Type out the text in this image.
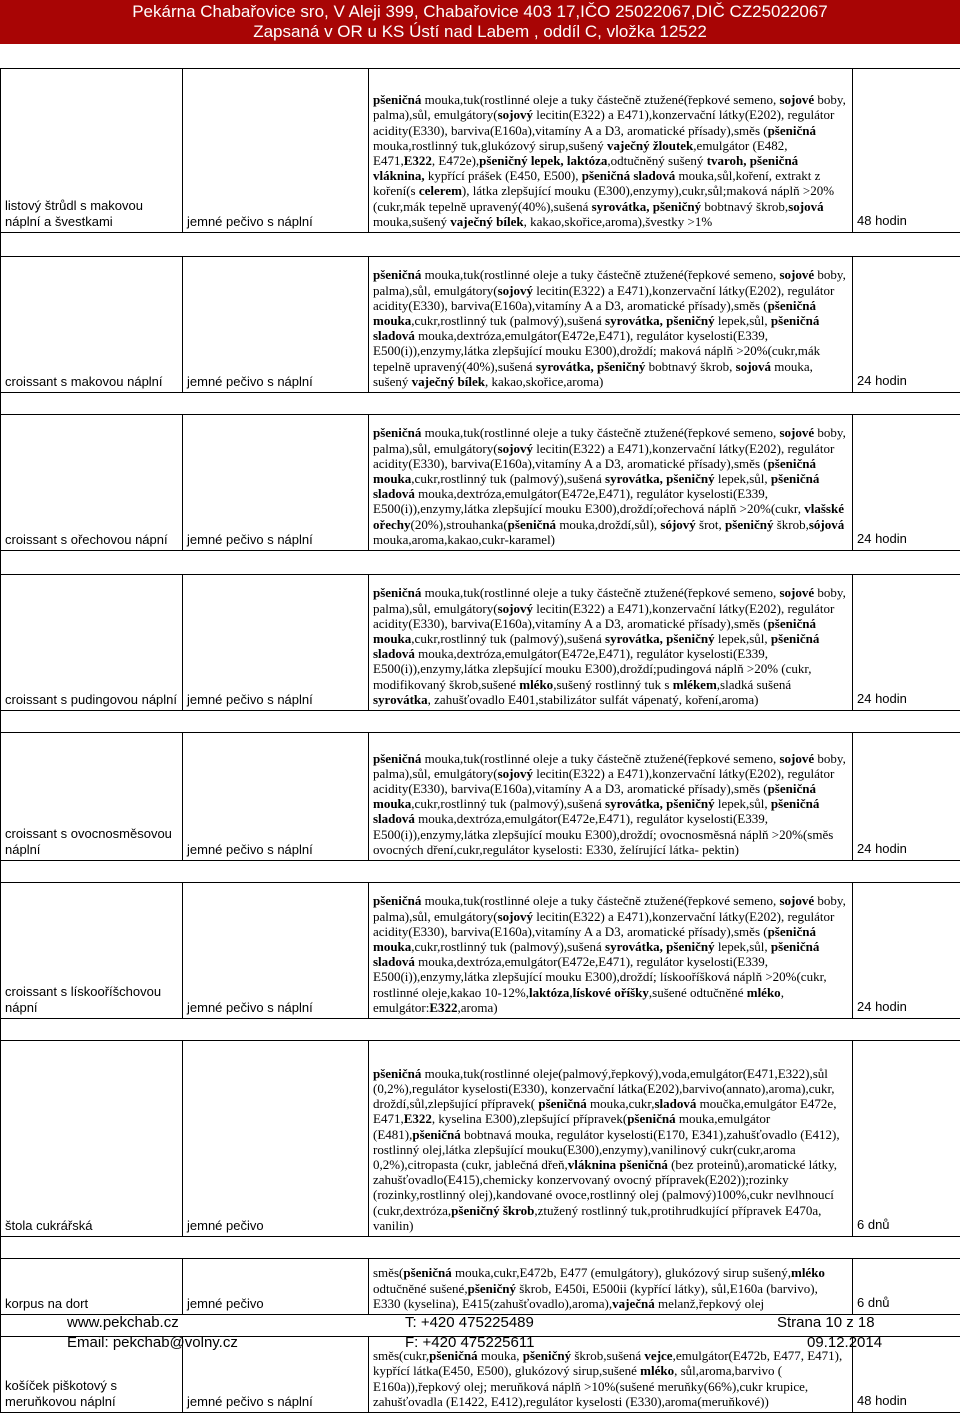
Pekárna Chabařovice sro, V Aleji 399, Chabařovice 403 17,IČO 25022067,DIČ CZ25022067
Zapsaná v OR u KS Ústí nad Labem , oddíl C, vložka 12522
listový štrůdl s makovou náplní a švestkami	jemné pečivo s náplní	pšeničná mouka,tuk(rostlinné oleje a tuky částečně ztužené(řepkové semeno, sojové boby, palma),sůl, emulgátory(sojový lecitin(E322) a E471),konzervační látky(E202), regulátor acidity(E330), barviva(E160a),vitamíny A a D3, aromatické přísady),směs (pšeničná mouka,rostlinný tuk,glukózový sirup,sušený vaječný žloutek,emulgátor (E482, E471,E322, E472e),pšeničný lepek, laktóza,odtučněný sušený tvaroh, pšeničná vláknina, kypřící prášek (E450, E500), pšeničná sladová mouka,sůl,koření, extrakt z koření(s celerem), látka zlepšující mouku (E300),enzymy),cukr,sůl;maková náplň >20%(cukr,mák tepelně upravený(40%),sušená syrovátka, pšeničný bobtnavý škrob,sojová mouka,sušený vaječný bílek, kakao,skořice,aroma),švestky >1%	48 hodin

croissant s makovou náplní	jemné pečivo s náplní	pšeničná mouka,tuk(rostlinné oleje a tuky částečně ztužené(řepkové semeno, sojové boby, palma),sůl, emulgátory(sojový lecitin(E322) a E471),konzervační látky(E202), regulátor acidity(E330), barviva(E160a),vitamíny A a D3, aromatické přísady),směs (pšeničná mouka,cukr,rostlinný tuk (palmový),sušená syrovátka, pšeničný lepek,sůl, pšeničná sladová mouka,dextróza,emulgátor(E472e,E471), regulátor kyselosti(E339, E500(i)),enzymy,látka zlepšující mouku E300),droždí; maková náplň >20%(cukr,mák tepelně upravený(40%),sušená syrovátka, pšeničný bobtnavý škrob, sojová mouka, sušený vaječný bílek, kakao,skořice,aroma)	24 hodin

croissant s ořechovou nápní	jemné pečivo s náplní	pšeničná mouka,tuk(rostlinné oleje a tuky částečně ztužené(řepkové semeno, sojové boby, palma),sůl, emulgátory(sojový lecitin(E322) a E471),konzervační látky(E202), regulátor acidity(E330), barviva(E160a),vitamíny A a D3, aromatické přísady),směs (pšeničná mouka,cukr,rostlinný tuk (palmový),sušená syrovátka, pšeničný lepek,sůl, pšeničná sladová mouka,dextróza,emulgátor(E472e,E471), regulátor kyselosti(E339, E500(i)),enzymy,látka zlepšující mouku E300),droždí;ořechová náplň >20%(cukr, vlašské ořechy(20%),strouhanka(pšeničná mouka,droždí,sůl), sójový šrot, pšeničný škrob,sójová mouka,aroma,kakao,cukr-karamel)	24 hodin

croissant s pudingovou náplní	jemné pečivo s náplní	pšeničná mouka,tuk(rostlinné oleje a tuky částečně ztužené(řepkové semeno, sojové boby, palma),sůl, emulgátory(sojový lecitin(E322) a E471),konzervační látky(E202), regulátor acidity(E330), barviva(E160a),vitamíny A a D3, aromatické přísady),směs (pšeničná mouka,cukr,rostlinný tuk (palmový),sušená syrovátka, pšeničný lepek,sůl, pšeničná sladová mouka,dextróza,emulgátor(E472e,E471), regulátor kyselosti(E339, E500(i)),enzymy,látka zlepšující mouku E300),droždí;pudingová náplň >20% (cukr, modifikovaný škrob,sušené mléko,sušený rostlinný tuk s mlékem,sladká sušená syrovátka, zahušťovadlo E401,stabilizátor sulfát vápenatý, koření,aroma)	24 hodin

croissant s ovocnosměsovou náplní	jemné pečivo s náplní	pšeničná mouka,tuk(rostlinné oleje a tuky částečně ztužené(řepkové semeno, sojové boby, palma),sůl, emulgátory(sojový lecitin(E322) a E471),konzervační látky(E202), regulátor acidity(E330), barviva(E160a),vitamíny A a D3, aromatické přísady),směs (pšeničná mouka,cukr,rostlinný tuk (palmový),sušená syrovátka, pšeničný lepek,sůl, pšeničná sladová mouka,dextróza,emulgátor(E472e,E471), regulátor kyselosti(E339, E500(i)),enzymy,látka zlepšující mouku E300),droždí; ovocnosměsná náplň >20%(směs ovocných dření,cukr,regulátor kyselosti: E330, želírující látka- pektin)	24 hodin

croissant s lískooříšchovou nápní	jemné pečivo s náplní	pšeničná mouka,tuk(rostlinné oleje a tuky částečně ztužené(řepkové semeno, sojové boby, palma),sůl, emulgátory(sojový lecitin(E322) a E471),konzervační látky(E202), regulátor acidity(E330), barviva(E160a),vitamíny A a D3, aromatické přísady),směs (pšeničná mouka,cukr,rostlinný tuk (palmový),sušená syrovátka, pšeničný lepek,sůl, pšeničná sladová mouka,dextróza,emulgátor(E472e,E471), regulátor kyselosti(E339, E500(i)),enzymy,látka zlepšující mouku E300),droždí; lískooříšková náplň >20%(cukr, rostlinné oleje,kakao 10-12%,laktóza,lískové oříšky,sušené odtučněné mléko, emulgátor:E322,aroma)	24 hodin

štola cukrářská	jemné pečivo	pšeničná mouka,tuk(rostlinné oleje(palmový,řepkový),voda,emulgátor(E471,E322),sůl (0,2%),regulátor kyselosti(E330), konzervační látka(E202),barvivo(annato),aroma),cukr, droždí,sůl,zlepšující přípravek( pšeničná mouka,cukr,sladová moučka,emulgátor E472e, E471,E322, kyselina E300),zlepšující přípravek(pšeničná mouka,emulgátor (E481),pšeničná bobtnavá mouka, regulátor kyselosti(E170, E341),zahušťovadlo (E412), rostlinný olej,látka zlepšující mouku(E300),enzymy),vanilinový cukr(cukr,aroma 0,2%),citropasta (cukr, jablečná dřeň,vláknina pšeničná (bez proteinů),aromatické látky, zahušťovadlo(E415),chemicky konzervovaný ovocný přípravek(E202));rozinky (rozinky,rostlinný olej),kandované ovoce,rostlinný olej (palmový)100%,cukr nevlhnoucí (cukr,dextróza,pšeničný škrob,ztužený rostlinný tuk,protihrudkující přípravek E470a, vanilin)	6 dnů

korpus na dort	jemné pečivo	směs(pšeničná mouka,cukr,E472b, E477 (emulgátory), glukózový sirup sušený,mléko odtučněné sušené,pšeničný škrob, E450i, E500ii (kypřící látky), sůl,E160a (barvivo), E330 (kyselina), E415(zahušťovadlo),aroma),vaječná melanž,řepkový olej	6 dnů

košíček piškotový s meruňkovou náplní	jemné pečivo s náplní	směs(cukr,pšeničná mouka, pšeničný škrob,sušená vejce,emulgátor(E472b, E477, E471), kypřící látka(E450, E500), glukózový sirup,sušené mléko, sůl,aroma,barvivo ( E160a)),řepkový olej; meruňková náplň >10%(sušené meruňky(66%),cukr krupice, zahušťovadla (E1422, E412),regulátor kyselosti (E330),aroma(meruňkové))	48 hodin
www.pekchab.cz
Email: pekchab@volny.cz
T: +420 475225489
F: +420 475225611
Strana 10 z 18
09.12.2014
